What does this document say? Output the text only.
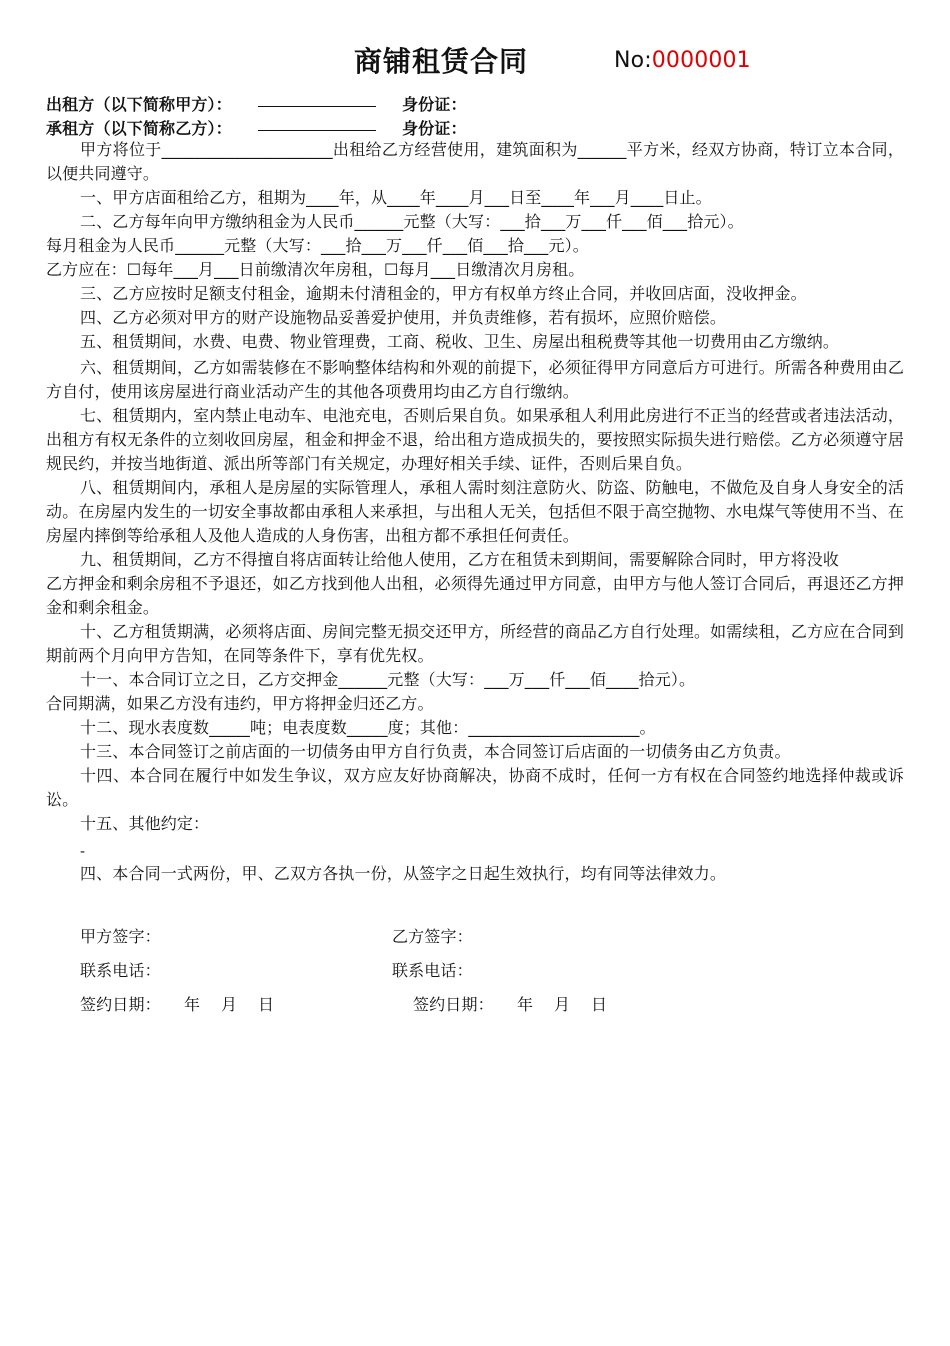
商铺租赁合同	No:0000001
出租方（以下简称甲方）：	身份证：
承租方（以下简称乙方）：	身份证：

甲方将位于_____________________出租给乙方经营使用，建筑面积为______平方米，经双方协商，特订立本合同，以便共同遵守。

一、甲方店面租给乙方，租期为____年，从____年____月___日至____年___月____日止。

二、乙方每年向甲方缴纳租金为人民币______元整（大写：___拾___万___仟___佰___拾元）。

每月租金为人民币______元整（大写：___拾___万___仟___佰___拾___元）。

乙方应在：☐每年___月___日前缴清次年房租，☐每月___日缴清次月房租。

三、乙方应按时足额支付租金，逾期未付清租金的，甲方有权单方终止合同，并收回店面，没收押金。

四、乙方必须对甲方的财产设施物品妥善爱护使用，并负责维修，若有损坏，应照价赔偿。

五、租赁期间，水费、电费、物业管理费，工商、税收、卫生、房屋出租税费等其他一切费用由乙方缴纳。

六、租赁期间，乙方如需装修在不影响整体结构和外观的前提下，必须征得甲方同意后方可进行。所需各种费用由乙方自付，使用该房屋进行商业活动产生的其他各项费用均由乙方自行缴纳。

七、租赁期内，室内禁止电动车、电池充电，否则后果自负。如果承租人利用此房进行不正当的经营或者违法活动，出租方有权无条件的立刻收回房屋，租金和押金不退，给出租方造成损失的，要按照实际损失进行赔偿。乙方必须遵守居规民约，并按当地街道、派出所等部门有关规定，办理好相关手续、证件，否则后果自负。

八、租赁期间内，承租人是房屋的实际管理人，承租人需时刻注意防火、防盗、防触电，不做危及自身人身安全的活动。在房屋内发生的一切安全事故都由承租人来承担，与出租人无关，包括但不限于高空抛物、水电煤气等使用不当、在房屋内摔倒等给承租人及他人造成的人身伤害，出租方都不承担任何责任。

九、租赁期间，乙方不得擅自将店面转让给他人使用，乙方在租赁未到期间，需要解除合同时，甲方将没收

乙方押金和剩余房租不予退还，如乙方找到他人出租，必须得先通过甲方同意，由甲方与他人签订合同后，再退还乙方押金和剩余租金。

十、乙方租赁期满，必须将店面、房间完整无损交还甲方，所经营的商品乙方自行处理。如需续租，乙方应在合同到期前两个月向甲方告知，在同等条件下，享有优先权。

十一、本合同订立之日，乙方交押金______元整（大写：___万___仟___佰____拾元）。

合同期满，如果乙方没有违约，甲方将押金归还乙方。

十二、现水表度数_____吨；电表度数_____度；其他：_____________________。

十三、本合同签订之前店面的一切债务由甲方自行负责，本合同签订后店面的一切债务由乙方负责。

十四、本合同在履行中如发生争议，双方应友好协商解决，协商不成时，任何一方有权在合同签约地选择仲裁或诉讼。

十五、其他约定：

-

四、本合同一式两份，甲、乙双方各执一份，从签字之日起生效执行，均有同等法律效力。

甲方签字：	乙方签字：
联系电话：	联系电话：
签约日期： 年 月 日	签约日期： 年 月 日
